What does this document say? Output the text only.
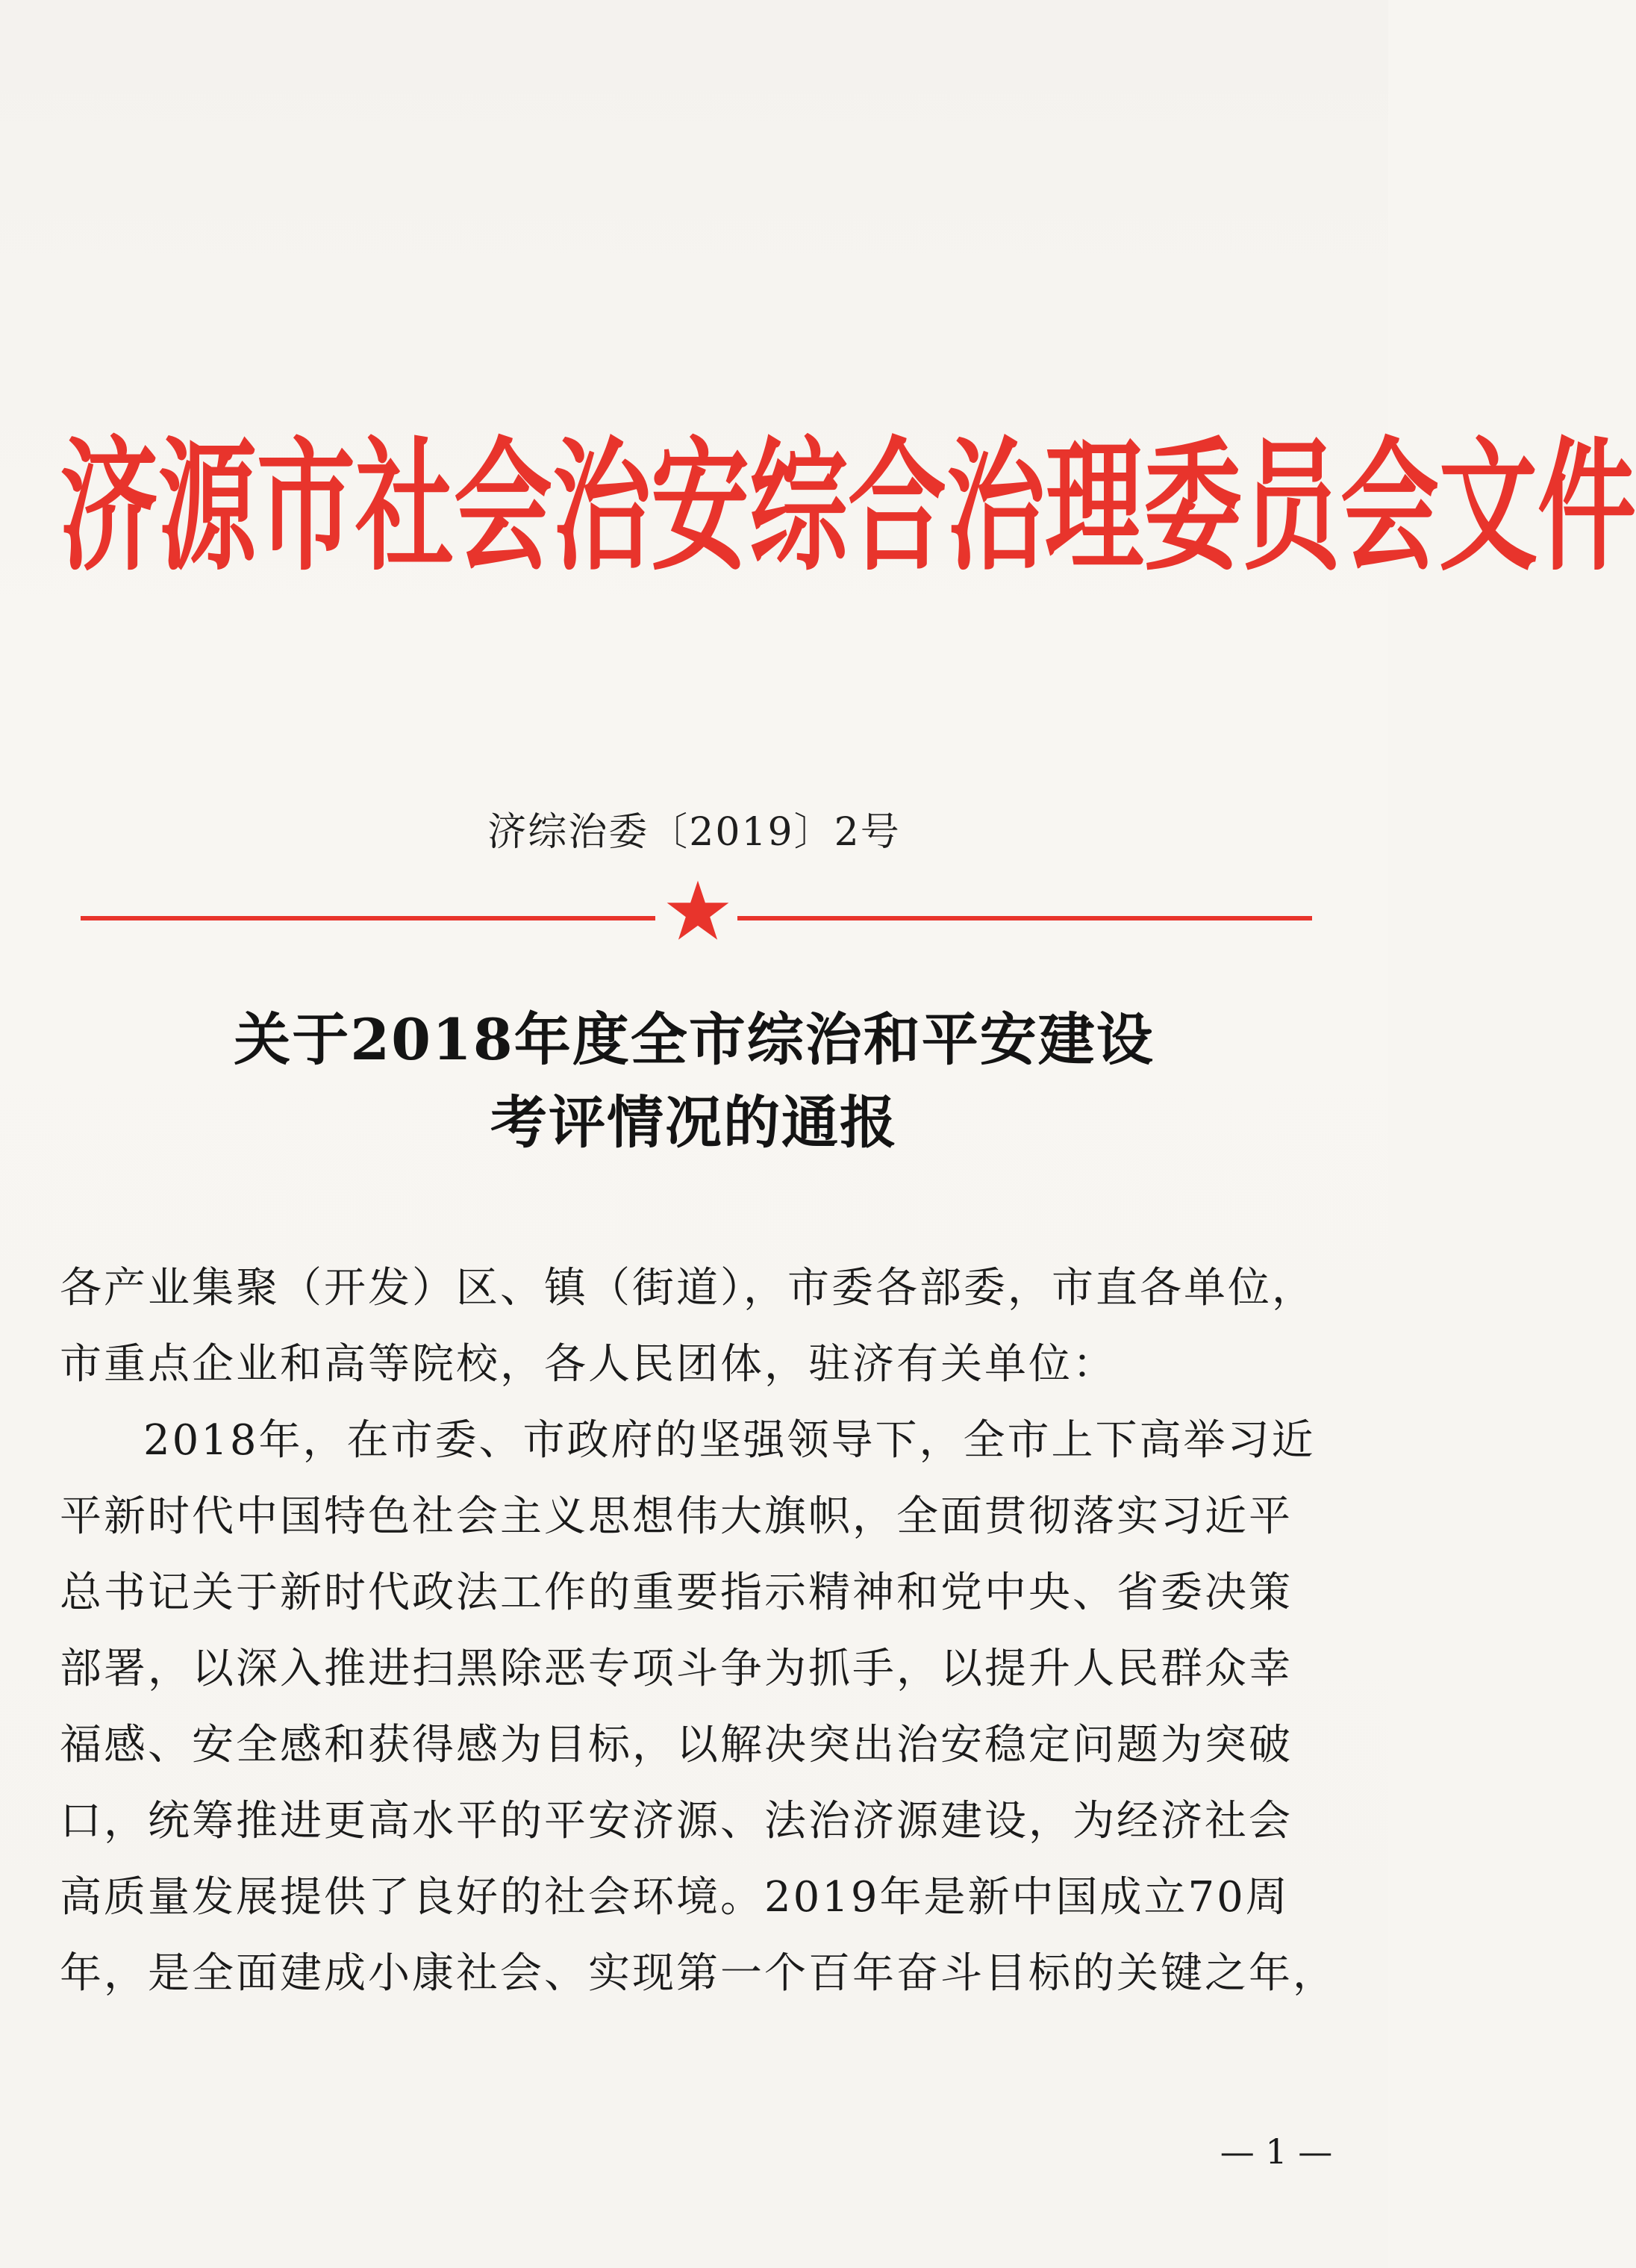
济源市社会治安综合治理委员会文件
济综治委〔2019〕2号
关于2018年度全市综治和平安建设
考评情况的通报
各产业集聚（开发）区、镇（街道），市委各部委，市直各单位，
市重点企业和高等院校，各人民团体，驻济有关单位：
2018年，在市委、市政府的坚强领导下，全市上下高举习近
平新时代中国特色社会主义思想伟大旗帜，全面贯彻落实习近平
总书记关于新时代政法工作的重要指示精神和党中央、省委决策
部署，以深入推进扫黑除恶专项斗争为抓手，以提升人民群众幸
福感、安全感和获得感为目标，以解决突出治安稳定问题为突破
口，统筹推进更高水平的平安济源、法治济源建设，为经济社会
高质量发展提供了良好的社会环境。2019年是新中国成立70周
年，是全面建成小康社会、实现第一个百年奋斗目标的关键之年，
— 1 —
